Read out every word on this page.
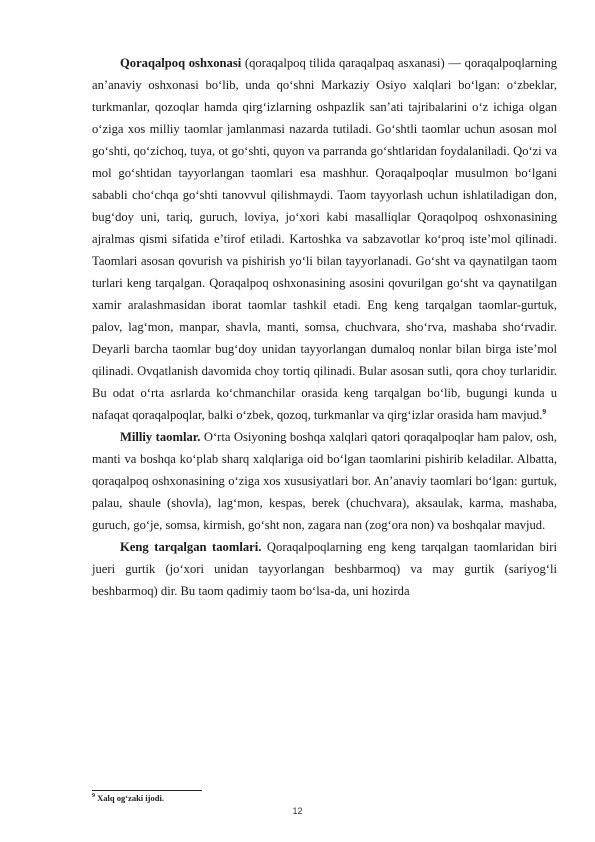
Qoraqalpoq oshxonasi (qoraqalpoq tilida qaraqalpaq asxanasi) — qoraqalpoqlarning an’anaviy oshxonasi bo‘lib, unda qo‘shni Markaziy Osiyo xalqlari bo‘lgan: o‘zbeklar, turkmanlar, qozoqlar hamda qirg‘izlarning oshpazlik san’ati tajribalarini o‘z ichiga olgan o‘ziga xos milliy taomlar jamlanmasi nazarda tutiladi. Go‘shtli taomlar uchun asosan mol go‘shti, qo‘zichoq, tuya, ot go‘shti, quyon va parranda go‘shtlaridan foydalaniladi. Qo‘zi va mol go‘shtidan tayyorlangan taomlari esa mashhur. Qoraqalpoqlar musulmon bo‘lgani sababli cho‘chqa go‘shti tanovvul qilishmaydi. Taom tayyorlash uchun ishlatiladigan don, bug‘doy uni, tariq, guruch, loviya, jo‘xori kabi masalliqlar Qoraqolpoq oshxonasining ajralmas qismi sifatida e’tirof etiladi. Kartoshka va sabzavotlar ko‘proq iste’mol qilinadi. Taomlari asosan qovurish va pishirish yo‘li bilan tayyorlanadi. Go‘sht va qaynatilgan taom turlari keng tarqalgan. Qoraqalpoq oshxonasining asosini qovurilgan go‘sht va qaynatilgan xamir aralashmasidan iborat taomlar tashkil etadi. Eng keng tarqalgan taomlar-gurtuk, palov, lag‘mon, manpar, shavla, manti, somsa, chuchvara, sho‘rva, mashaba sho‘rvadir. Deyarli barcha taomlar bug‘doy unidan tayyorlangan dumaloq nonlar bilan birga iste’mol qilinadi. Ovqatlanish davomida choy tortiq qilinadi. Bular asosan sutli, qora choy turlaridir. Bu odat o‘rta asrlarda ko‘chmanchilar orasida keng tarqalgan bo‘lib, bugungi kunda u nafaqat qoraqalpoqlar, balki o‘zbek, qozoq, turkmanlar va qirg‘izlar orasida ham mavjud.$^9$

Milliy taomlar. O‘rta Osiyoning boshqa xalqlari qatori qoraqalpoqlar ham palov, osh, manti va boshqa ko‘plab sharq xalqlariga oid bo‘lgan taomlarini pishirib keladilar. Albatta, qoraqalpoq oshxonasining o‘ziga xos xususiyatlari bor. An’anaviy taomlari bo‘lgan: gurtuk, palau, shaule (shovla), lag‘mon, kespas, berek (chuchvara), aksaulak, karma, mashaba, guruch, go‘je, somsa, kirmish, go‘sht non, zagara nan (zog‘ora non) va boshqalar mavjud.

Keng tarqalgan taomlari. Qoraqalpoqlarning eng keng tarqalgan taomlaridan biri jueri gurtik (jo‘xori unidan tayyorlangan beshbarmoq) va may gurtik (sariyog‘li beshbarmoq) dir. Bu taom qadimiy taom bo‘lsa-da, uni hozirda

$^9$ Xalq og‘zaki ijodi.
12
